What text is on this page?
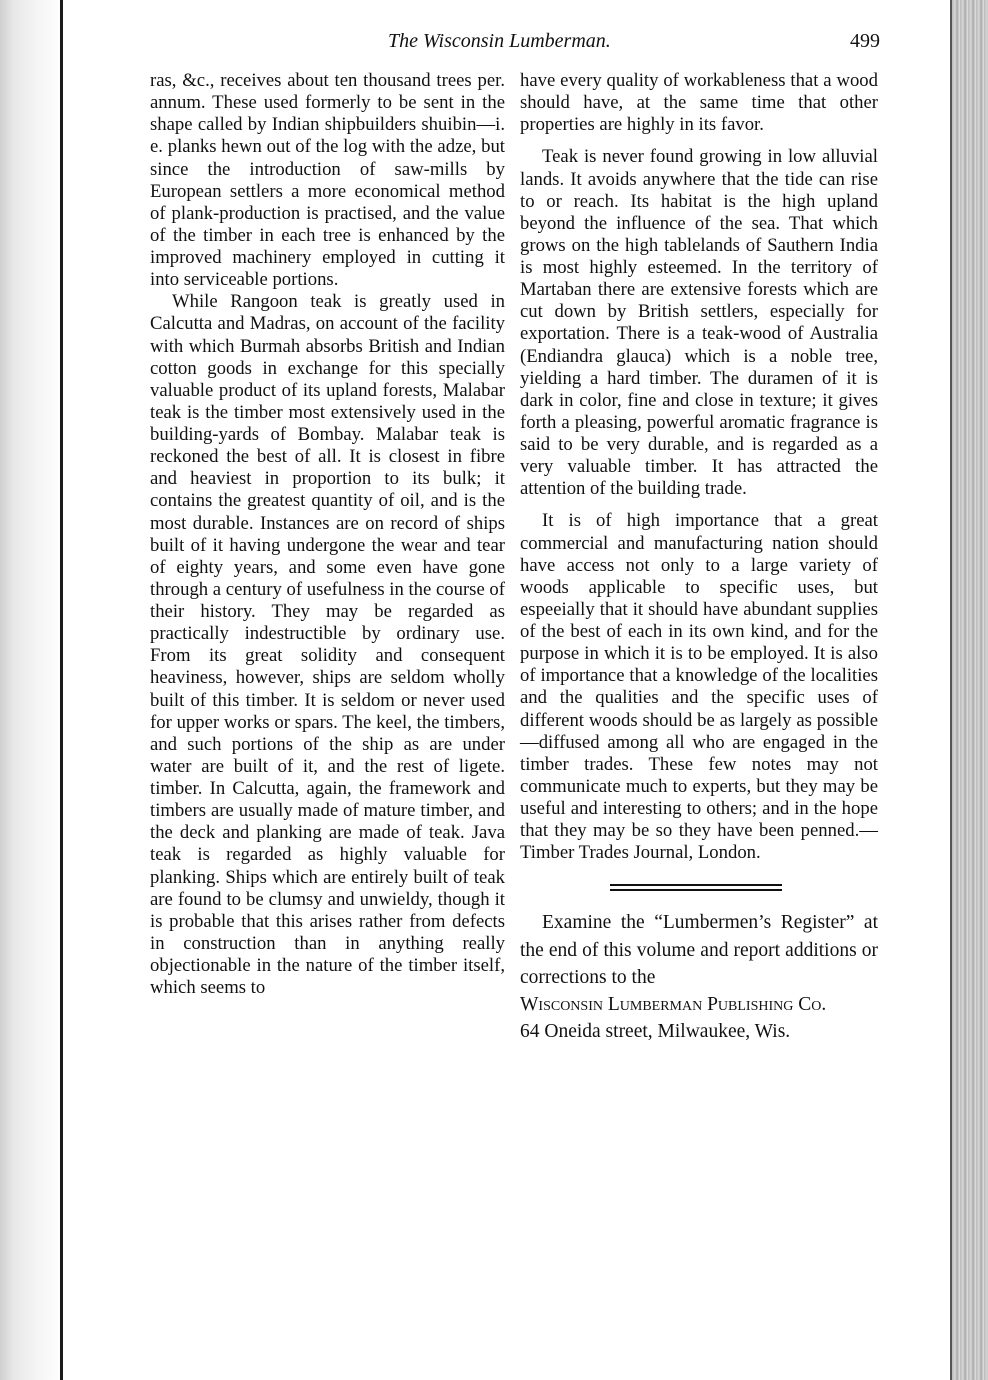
The Wisconsin Lumberman.	499

ras, &c., receives about ten thousand trees per. annum. These used formerly to be sent in the shape called by Indian shipbuilders shuibin—i. e. planks hewn out of the log with the adze, but since the introduction of saw-mills by European settlers a more economical method of plank-production is practised, and the value of the timber in each tree is enhanced by the improved machinery employed in cutting it into serviceable portions.

While Rangoon teak is greatly used in Calcutta and Madras, on account of the facility with which Burmah absorbs British and Indian cotton goods in exchange for this specially valuable product of its upland forests, Malabar teak is the timber most extensively used in the building-yards of Bombay. Malabar teak is reckoned the best of all. It is closest in fibre and heaviest in proportion to its bulk; it contains the greatest quantity of oil, and is the most durable. Instances are on record of ships built of it having undergone the wear and tear of eighty years, and some even have gone through a century of usefulness in the course of their history. They may be regarded as practically indestructible by ordinary use. From its great solidity and consequent heaviness, however, ships are seldom wholly built of this timber. It is seldom or never used for upper works or spars. The keel, the timbers, and such portions of the ship as are under water are built of it, and the rest of ligete. timber. In Calcutta, again, the framework and timbers are usually made of mature timber, and the deck and planking are made of teak. Java teak is regarded as highly valuable for planking. Ships which are entirely built of teak are found to be clumsy and unwieldy, though it is probable that this arises rather from defects in construction than in anything really objectionable in the nature of the timber itself, which seems to

have every quality of workableness that a wood should have, at the same time that other properties are highly in its favor.

Teak is never found growing in low alluvial lands. It avoids anywhere that the tide can rise to or reach. Its habitat is the high upland beyond the influence of the sea. That which grows on the high tablelands of Sauthern India is most highly esteemed. In the territory of Martaban there are extensive forests which are cut down by British settlers, especially for exportation. There is a teak-wood of Australia (Endiandra glauca) which is a noble tree, yielding a hard timber. The duramen of it is dark in color, fine and close in texture; it gives forth a pleasing, powerful aromatic fragrance is said to be very durable, and is regarded as a very valuable timber. It has attracted the attention of the building trade.

It is of high importance that a great commercial and manufacturing nation should have access not only to a large variety of woods applicable to specific uses, but espeeially that it should have abundant supplies of the best of each in its own kind, and for the purpose in which it is to be employed. It is also of importance that a knowledge of the localities and the qualities and the specific uses of different woods should be as largely as possible—diffused among all who are engaged in the timber trades. These few notes may not communicate much to experts, but they may be useful and interesting to others; and in the hope that they may be so they have been penned.—Timber Trades Journal, London.

Examine the “Lumbermen’s Register” at the end of this volume and report additions or corrections to the

Wisconsin Lumberman Publishing Co.

64 Oneida street, Milwaukee, Wis.
